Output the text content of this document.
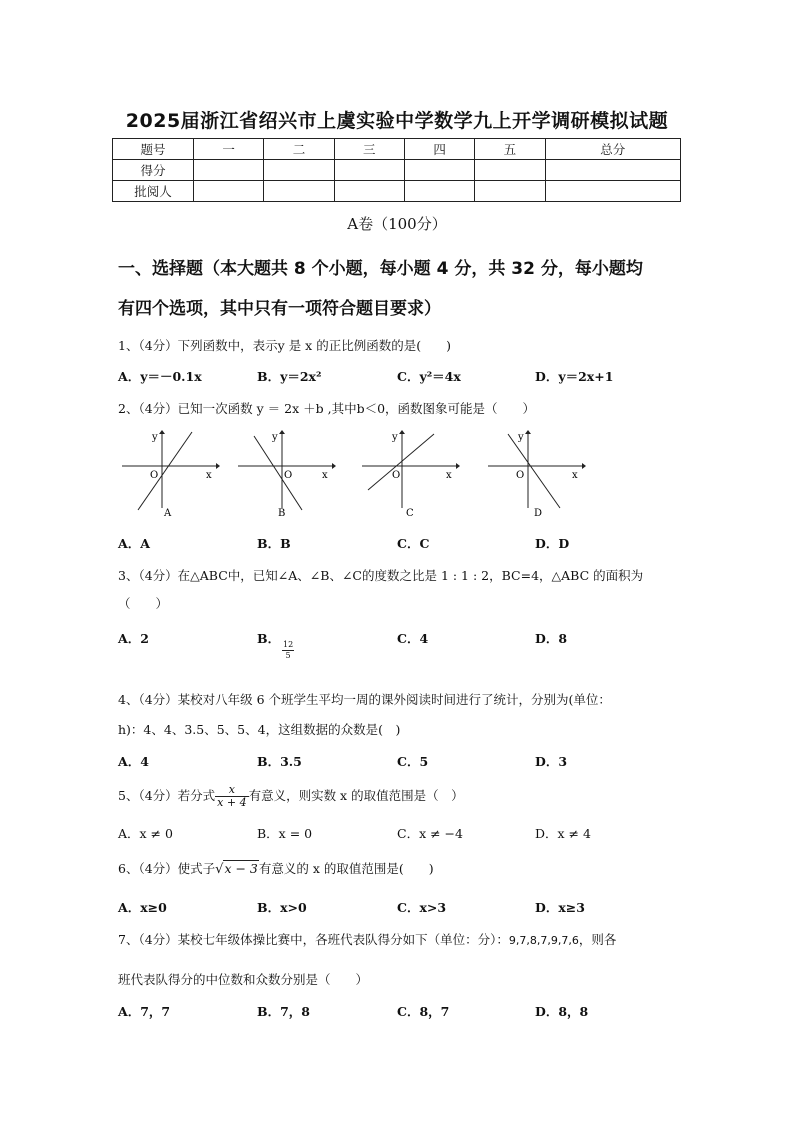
2025届浙江省绍兴市上虞实验中学数学九上开学调研模拟试题
题号	一	二	三	四	五	总分
得分						
批阅人						
A卷（100分）
一、选择题（本大题共 8 个小题，每小题 4 分，共 32 分，每小题均
有四个选项，其中只有一项符合题目要求）
1、（4分）下列函数中，表示y 是 x 的正比例函数的是(　　)
A．y＝－0.1x	B．y＝2x²	C．y²＝4x	D．y＝2x+1
2、（4分）已知一次函数 y ＝ 2x ＋b ,其中b＜0，函数图象可能是（　　）
O
y
x
A
O
y
x
B
O
y
x
C
O
y
x
D
A．A	B．B	C．C	D．D
3、（4分）在△ABC中，已知∠A、∠B、∠C的度数之比是 1 : 1 : 2，BC=4，△ABC 的面积为
（　　）
A．2	B．
$\frac{12}{5}$
C．4	D．8
4、（4分）某校对八年级 6 个班学生平均一周的课外阅读时间进行了统计，分别为(单位：
h)：4、4、3.5、5、5、4，这组数据的众数是(　)
A．4	B．3.5	C．5	D．3
5、（4分）若分式 $\frac{x}{x + 4}$ 有意义，则实数 x 的取值范围是（　）
A．x ≠ 0	B．x = 0	C．x ≠ −4	D．x ≠ 4
6、（4分）使式子√x − 3有意义的 x 的取值范围是(　　)
A．x≥0	B．x>0	C．x>3	D．x≥3
7、（4分）某校七年级体操比赛中，各班代表队得分如下（单位：分）：9,7,8,7,9,7,6，则各
班代表队得分的中位数和众数分别是（　　）
A．7，7	B．7，8	C．8，7	D．8，8
